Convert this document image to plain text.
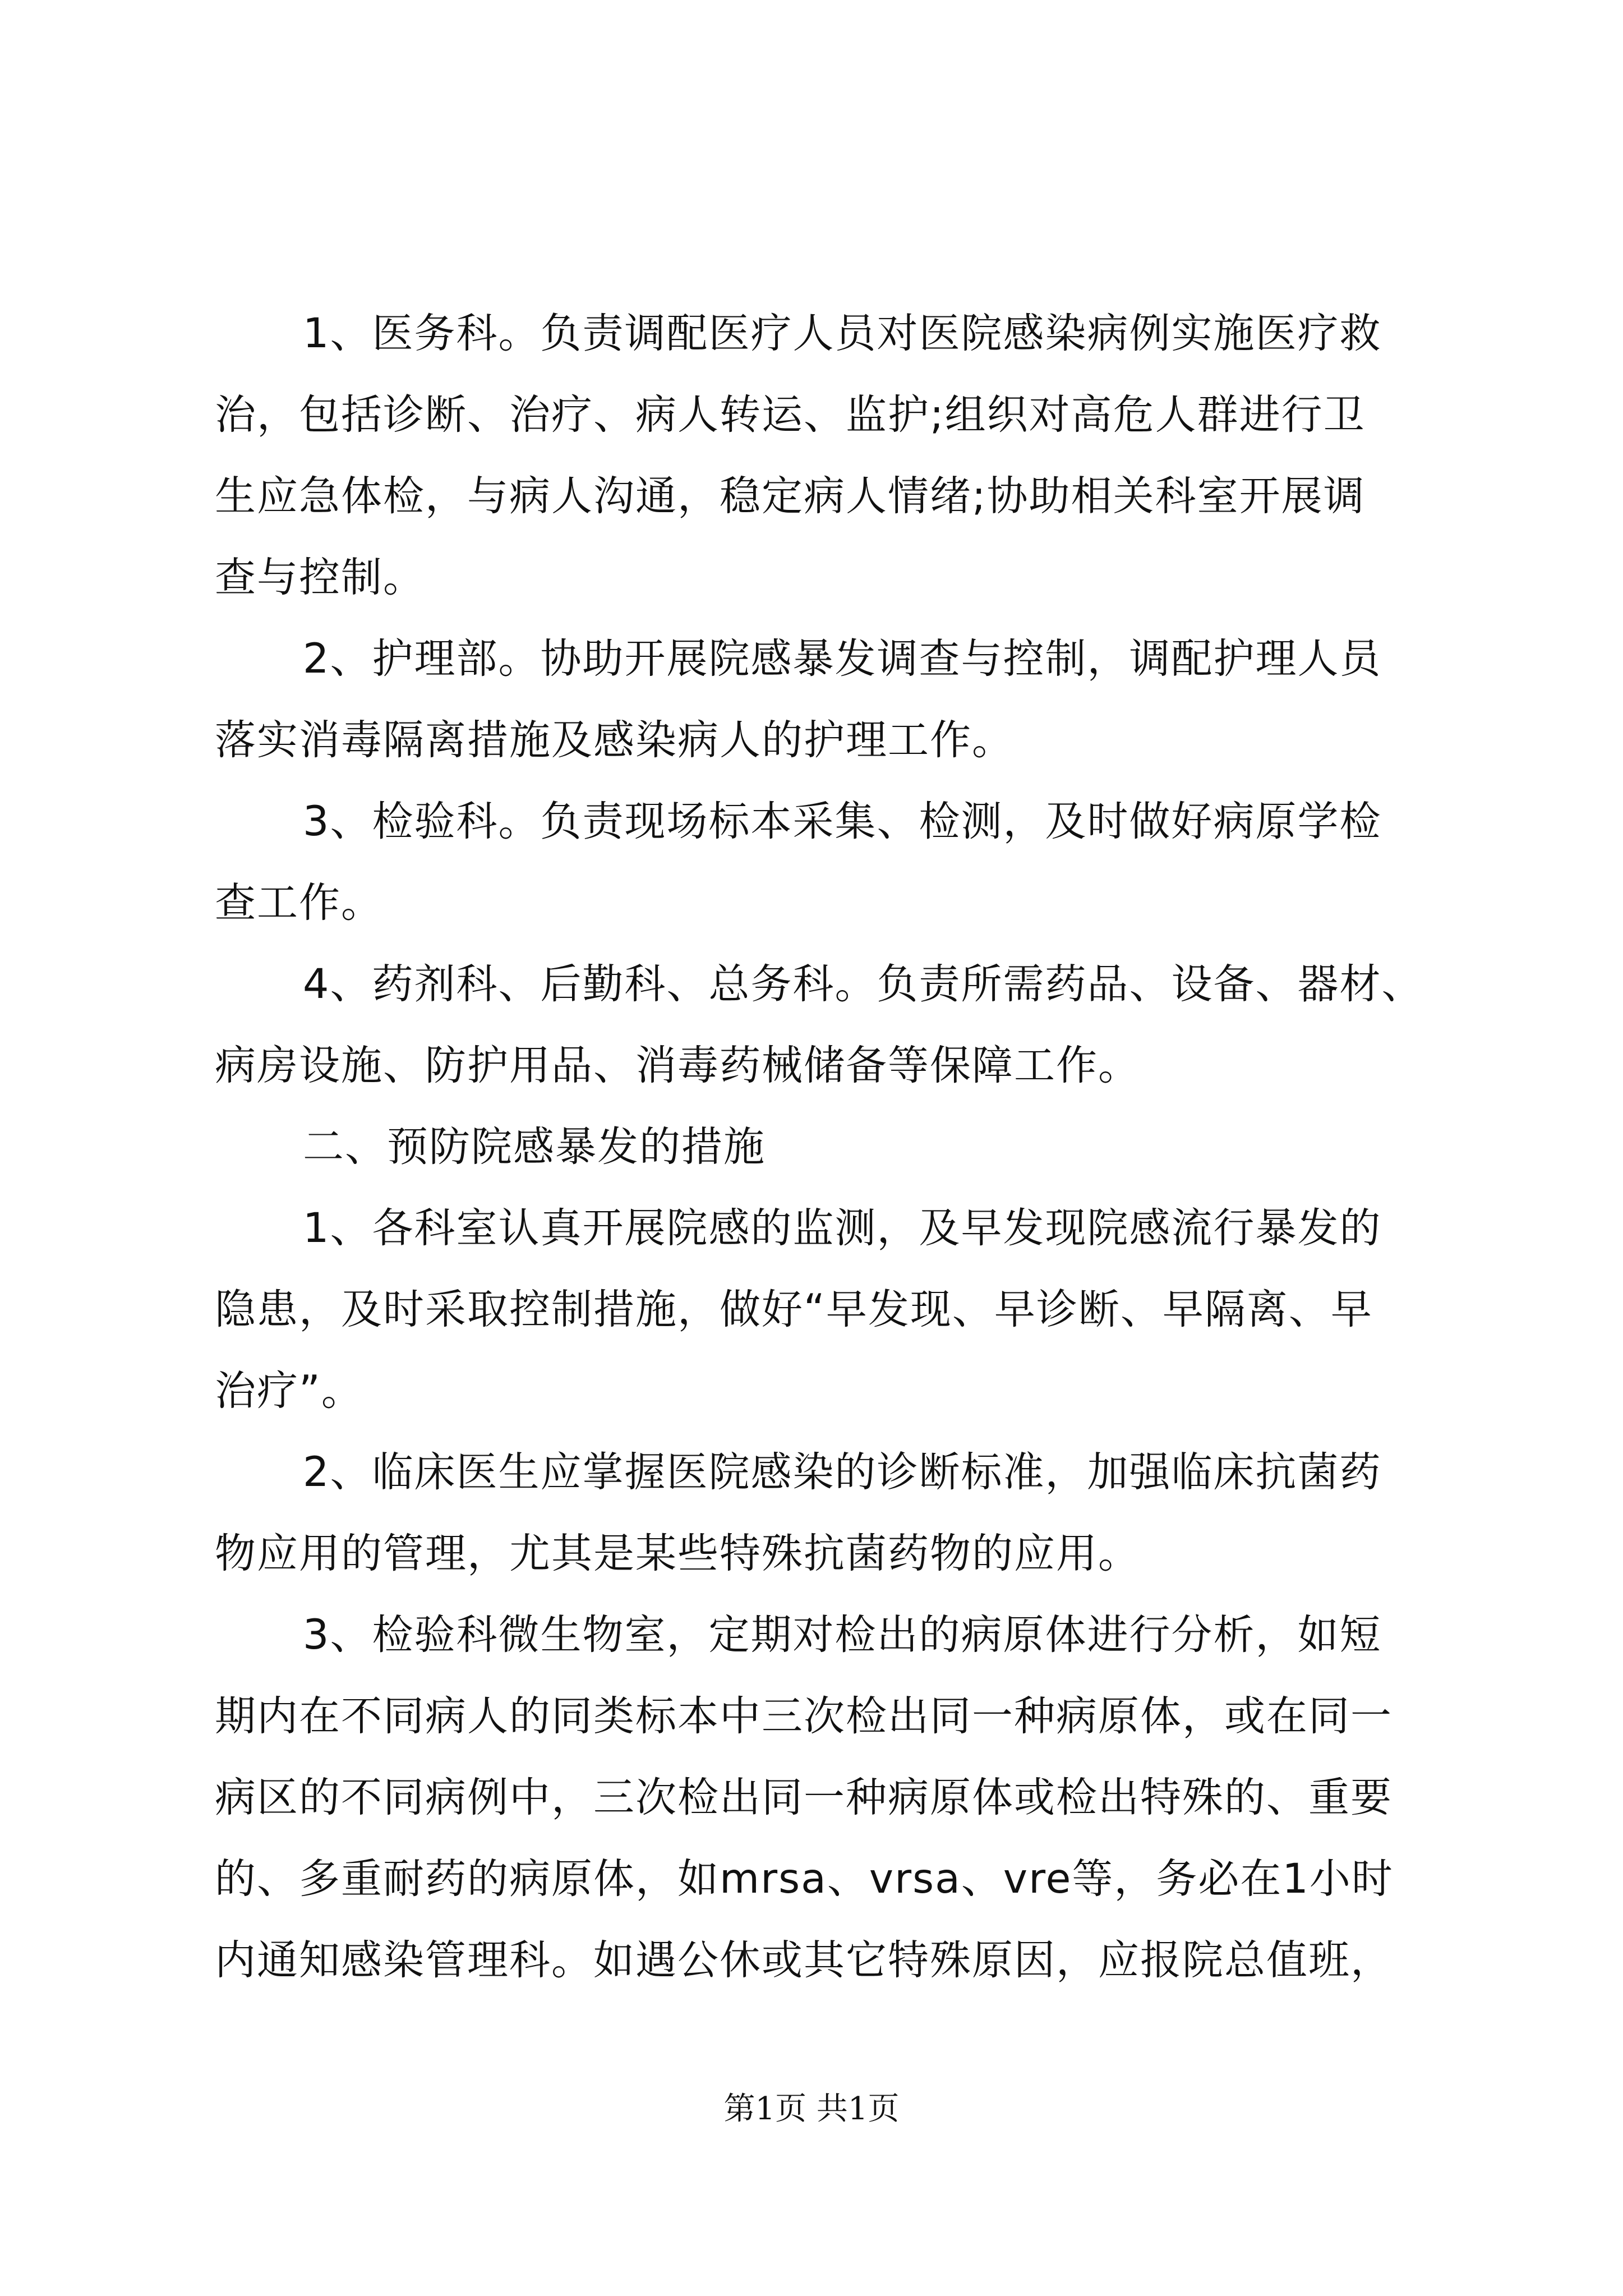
1、医务科。负责调配医疗人员对医院感染病例实施医疗救
治，包括诊断、治疗、病人转运、监护;组织对高危人群进行卫
生应急体检，与病人沟通，稳定病人情绪;协助相关科室开展调
查与控制。
2、护理部。协助开展院感暴发调查与控制，调配护理人员
落实消毒隔离措施及感染病人的护理工作。
3、检验科。负责现场标本采集、检测，及时做好病原学检
查工作。
4、药剂科、后勤科、总务科。负责所需药品、设备、器材、
病房设施、防护用品、消毒药械储备等保障工作。
二、预防院感暴发的措施
1、各科室认真开展院感的监测，及早发现院感流行暴发的
隐患，及时采取控制措施，做好“早发现、早诊断、早隔离、早
治疗”。
2、临床医生应掌握医院感染的诊断标准，加强临床抗菌药
物应用的管理，尤其是某些特殊抗菌药物的应用。
3、检验科微生物室，定期对检出的病原体进行分析，如短
期内在不同病人的同类标本中三次检出同一种病原体，或在同一
病区的不同病例中，三次检出同一种病原体或检出特殊的、重要
的、多重耐药的病原体，如mrsa、vrsa、vre等，务必在1小时
内通知感染管理科。如遇公休或其它特殊原因，应报院总值班，
第1页 共1页
